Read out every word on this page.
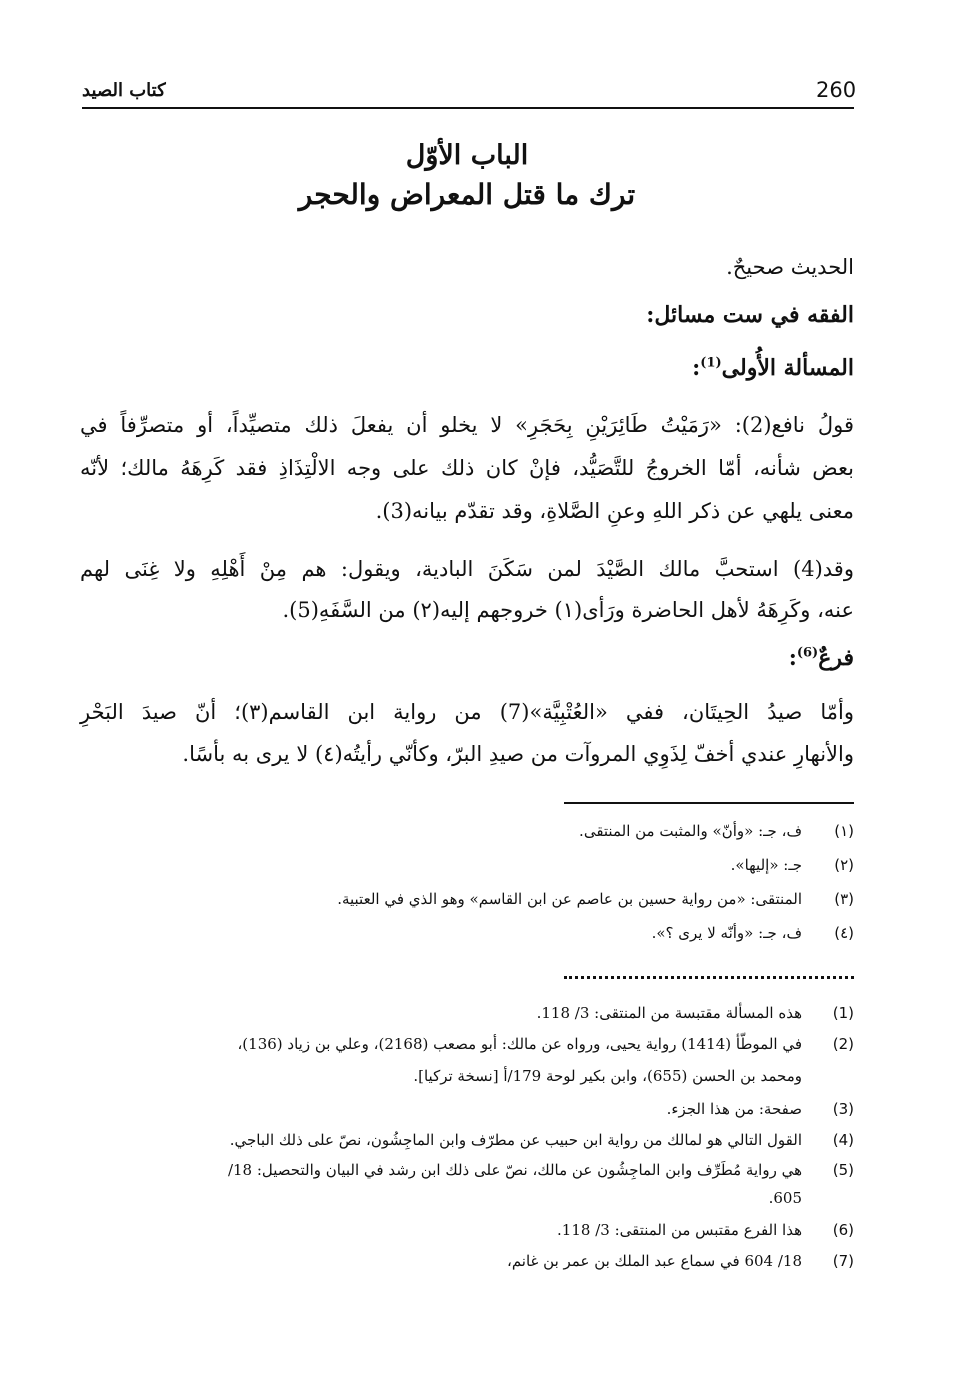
260
كتاب الصيد
الباب الأوّل
ترك ما قتل المعراض والحجر
الحديث صحيحٌ.
الفقه في ست مسائل:
المسألة الأُولى$^{(1)}$:
قولُ نافع(2): «رَمَيْتُ طَائِرَيْنِ بِحَجَرِ» لا يخلو أن يفعلَ ذلك متصيِّداً، أو متصرِّفاً في
بعض شأنه، أمّا الخروجُ للتَّصَيُّد، فإنْ كان ذلك على وجه الالْتِذَاذِ فقد كَرِهَهُ مالك؛ لأنّه
معنى يلهي عن ذكر اللهِ وعنِ الصَّلاةِ، وقد تقدّم بيانه(3).
وقد(4) استحبَّ مالك الصَّيْدَ لمن سَكَنَ البادية، ويقول: هم مِنْ أَهْلِهِ ولا غِنَى لهم
عنه، وكَرِهَهُ لأهل الحاضرة ورَأى(١) خروجهم إليه(٢) من السَّفَهِ(5).
فرعٌ$^{(6)}$:
وأمّا صيدُ الحِيتَان، ففي «العُتْبِيَّة»(7) من رواية ابن القاسم(٣)؛ أنّ صيدَ البَحْرِ
والأنهارِ عندي أخفّ لِذَوِي المروآت من صيدِ البرّ، وكأنّي رأيتُه(٤) لا يرى به بأسًا.
(١)
ف، جـ: «وأنّ» والمثبت من المنتقى.
(٢)
جـ: «إليها».
(٣)
المنتقى: «من رواية حسين بن عاصم عن ابن القاسم» وهو الذي في العتبية.
(٤)
ف، جـ: «وأنّه لا يرى ؟».
(1)
هذه المسألة مقتبسة من المنتقى: 3/ 118.
(2)
في الموطّأ (1414) رواية يحيى، ورواه عن مالك: أبو مصعب (2168)، وعلي بن زياد (136)،
ومحمد بن الحسن (655)، وابن بكير لوحة 179/أ [نسخة تركيا].
(3)
صفحة: من هذا الجزء.
(4)
القول التالي هو لمالك من رواية ابن حبيب عن مطرّف وابن الماجِشُون، نصّ على ذلك الباجي.
(5)
هي رواية مُطَرِّف وابن الماجِشُون عن مالك، نصّ على ذلك ابن رشد في البيان والتحصيل: 18/
605.
(6)
هذا الفرع مقتبس من المنتقى: 3/ 118.
(7)
18/ 604 في سماع عبد الملك بن عمر بن غانم،
